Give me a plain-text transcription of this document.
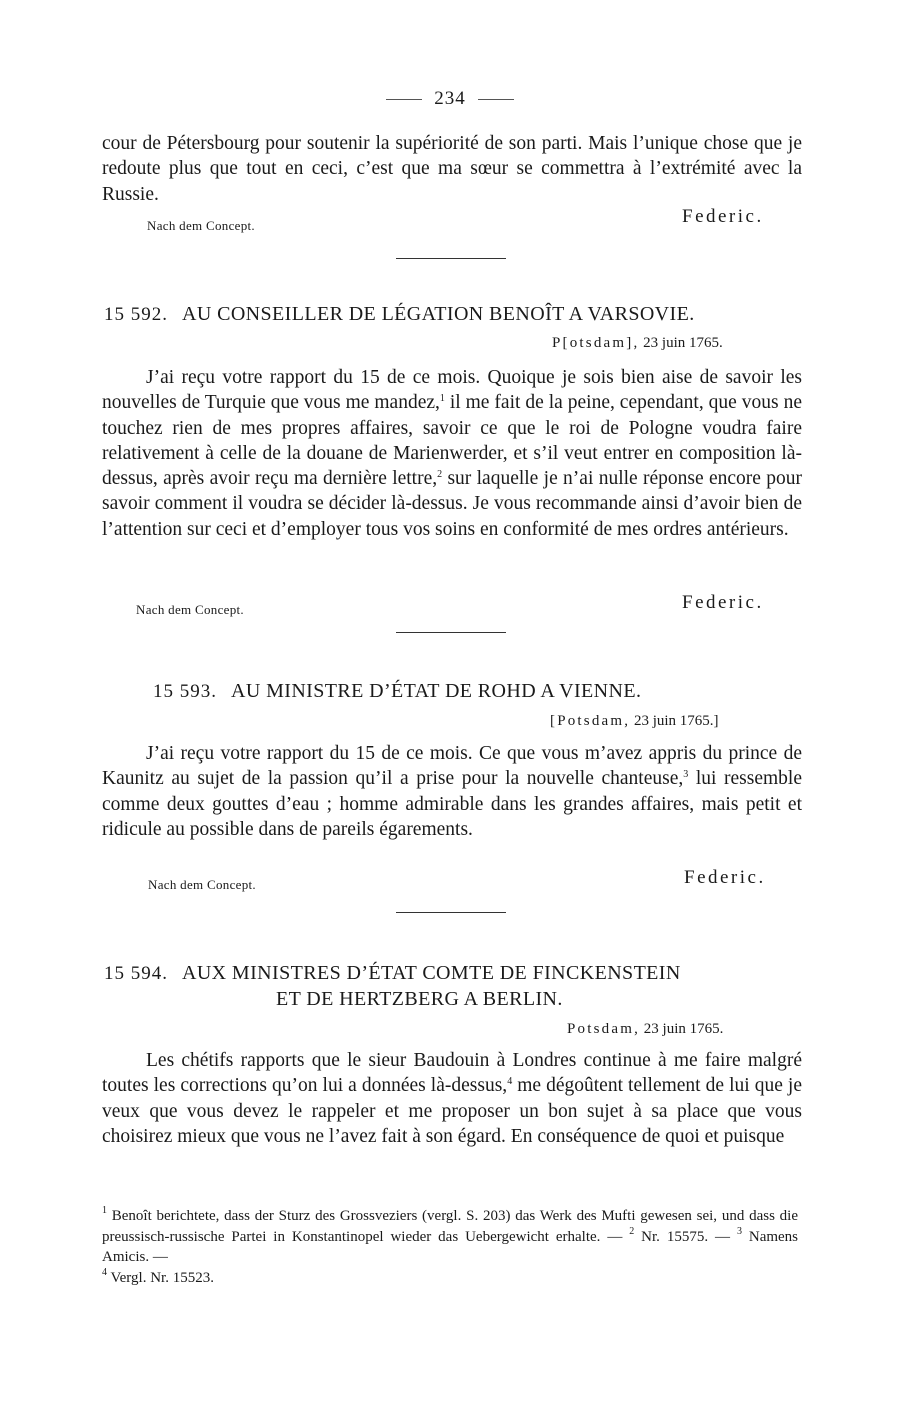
234

cour de Pétersbourg pour soutenir la supériorité de son parti. Mais l’unique chose que je redoute plus que tout en ceci, c’est que ma sœur se commettra à l’extrémité avec la Russie.

Nach dem Concept.	Federic.
15 592. AU CONSEILLER DE LÉGATION BENOÎT A VARSOVIE.
P[otsdam], 23 juin 1765.

J’ai reçu votre rapport du 15 de ce mois. Quoique je sois bien aise de savoir les nouvelles de Turquie que vous me mandez,$^1$ il me fait de la peine, cependant, que vous ne touchez rien de mes propres affaires, savoir ce que le roi de Pologne voudra faire relativement à celle de la douane de Marienwerder, et s’il veut entrer en composition là-dessus, après avoir reçu ma dernière lettre,$^2$ sur laquelle je n’ai nulle réponse encore pour savoir comment il voudra se décider là-dessus. Je vous recommande ainsi d’avoir bien de l’attention sur ceci et d’employer tous vos soins en conformité de mes ordres antérieurs.

Nach dem Concept.	Federic.
15 593. AU MINISTRE D’ÉTAT DE ROHD A VIENNE.
[Potsdam, 23 juin 1765.]

J’ai reçu votre rapport du 15 de ce mois. Ce que vous m’avez appris du prince de Kaunitz au sujet de la passion qu’il a prise pour la nouvelle chanteuse,$^3$ lui ressemble comme deux gouttes d’eau ; homme admirable dans les grandes affaires, mais petit et ridicule au possible dans de pareils égarements.

Nach dem Concept.	Federic.
15 594. AUX MINISTRES D’ÉTAT COMTE DE FINCKENSTEIN
ET DE HERTZBERG A BERLIN.
Potsdam, 23 juin 1765.

Les chétifs rapports que le sieur Baudouin à Londres continue à me faire malgré toutes les corrections qu’on lui a données là-dessus,$^4$ me dégoûtent tellement de lui que je veux que vous devez le rappeler et me proposer un bon sujet à sa place que vous choisirez mieux que vous ne l’avez fait à son égard. En conséquence de quoi et puisque

$^1$ Benoît berichtete, dass der Sturz des Grossveziers (vergl. S. 203) das Werk des Mufti gewesen sei, und dass die preussisch-russische Partei in Konstantinopel wieder das Uebergewicht erhalte. — $^2$ Nr. 15575. — $^3$ Namens Amicis. —
$^4$ Vergl. Nr. 15523.
